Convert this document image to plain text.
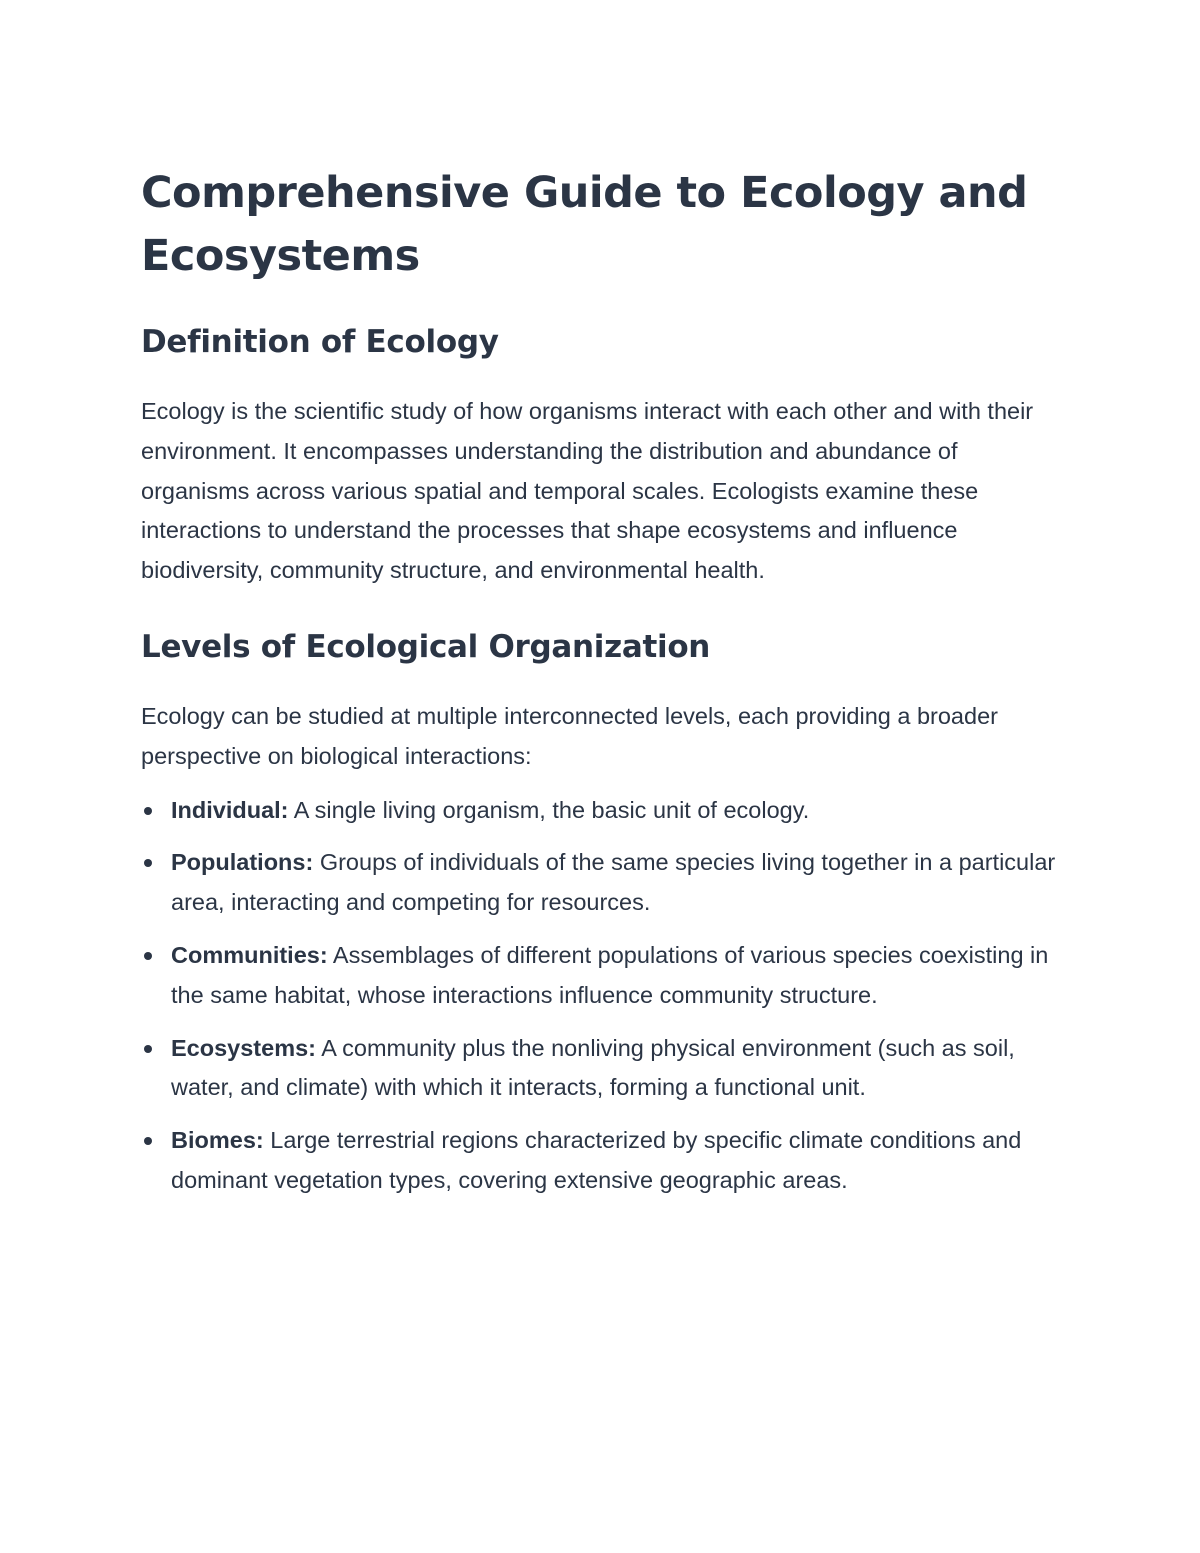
Comprehensive Guide to Ecology and Ecosystems
Definition of Ecology

Ecology is the scientific study of how organisms interact with each other and with their environment. It encompasses understanding the distribution and abundance of organisms across various spatial and temporal scales. Ecologists examine these interactions to understand the processes that shape ecosystems and influence biodiversity, community structure, and environmental health.

Levels of Ecological Organization

Ecology can be studied at multiple interconnected levels, each providing a broader perspective on biological interactions:

Individual: A single living organism, the basic unit of ecology.
Populations: Groups of individuals of the same species living together in a particular area, interacting and competing for resources.
Communities: Assemblages of different populations of various species coexisting in the same habitat, whose interactions influence community structure.
Ecosystems: A community plus the nonliving physical environment (such as soil, water, and climate) with which it interacts, forming a functional unit.
Biomes: Large terrestrial regions characterized by specific climate conditions and dominant vegetation types, covering extensive geographic areas.
